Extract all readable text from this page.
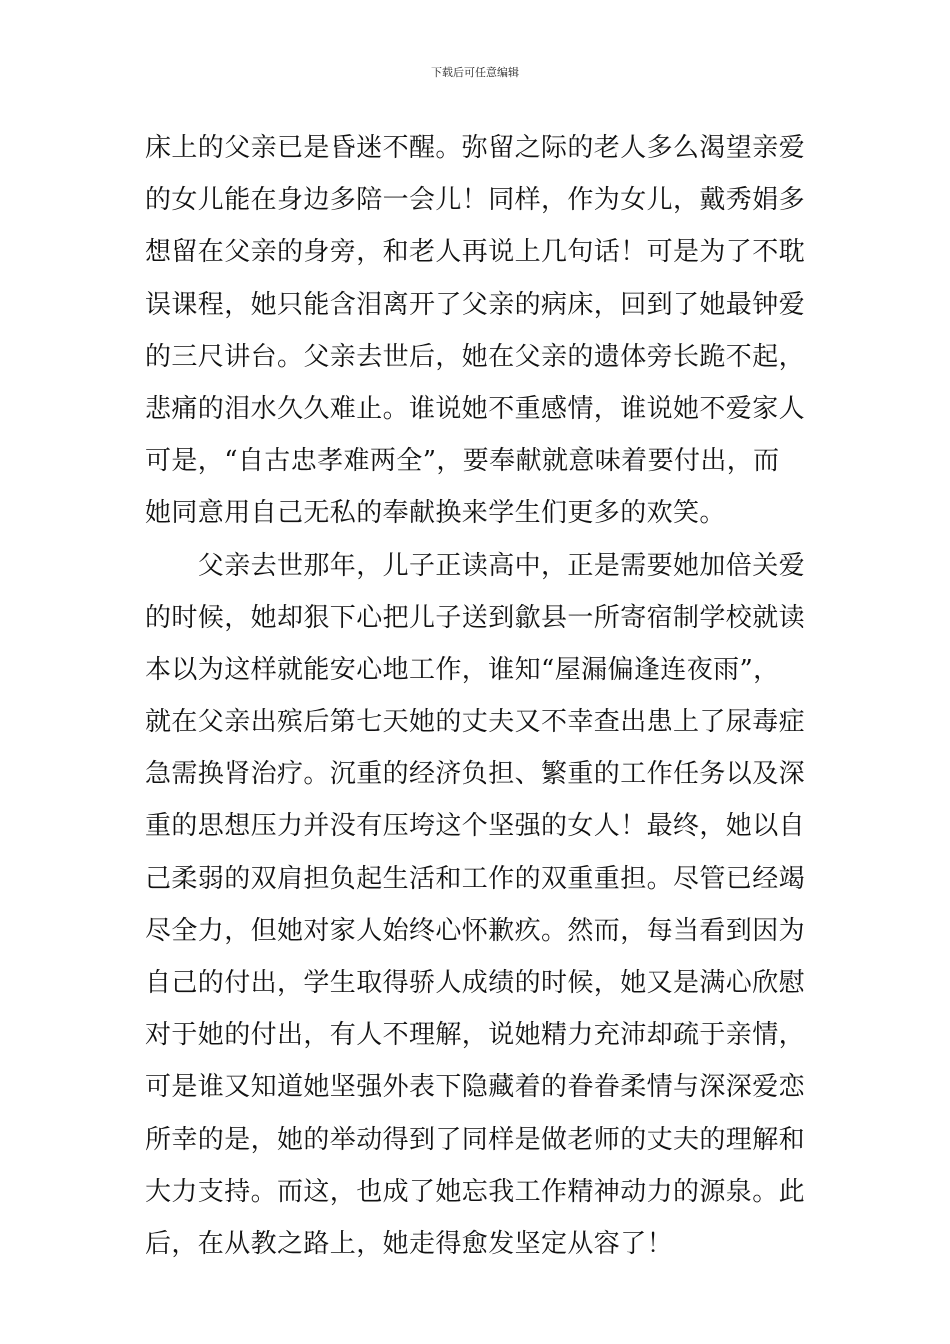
下载后可任意编辑
床上的父亲已是昏迷不醒。弥留之际的老人多么渴望亲爱
的女儿能在身边多陪一会儿！同样，作为女儿，戴秀娟多
想留在父亲的身旁，和老人再说上几句话！可是为了不耽
误课程，她只能含泪离开了父亲的病床，回到了她最钟爱
的三尺讲台。父亲去世后，她在父亲的遗体旁长跪不起，
悲痛的泪水久久难止。谁说她不重感情，谁说她不爱家人
可是，“自古忠孝难两全”，要奉献就意味着要付出，而
她同意用自己无私的奉献换来学生们更多的欢笑。
　　父亲去世那年，儿子正读高中，正是需要她加倍关爱
的时候，她却狠下心把儿子送到歙县一所寄宿制学校就读
本以为这样就能安心地工作，谁知“屋漏偏逢连夜雨”，
就在父亲出殡后第七天她的丈夫又不幸查出患上了尿毒症
急需换肾治疗。沉重的经济负担、繁重的工作任务以及深
重的思想压力并没有压垮这个坚强的女人！最终，她以自
己柔弱的双肩担负起生活和工作的双重重担。尽管已经竭
尽全力，但她对家人始终心怀歉疚。然而，每当看到因为
自己的付出，学生取得骄人成绩的时候，她又是满心欣慰
对于她的付出，有人不理解，说她精力充沛却疏于亲情，
可是谁又知道她坚强外表下隐藏着的眷眷柔情与深深爱恋
所幸的是，她的举动得到了同样是做老师的丈夫的理解和
大力支持。而这，也成了她忘我工作精神动力的源泉。此
后，在从教之路上，她走得愈发坚定从容了！
